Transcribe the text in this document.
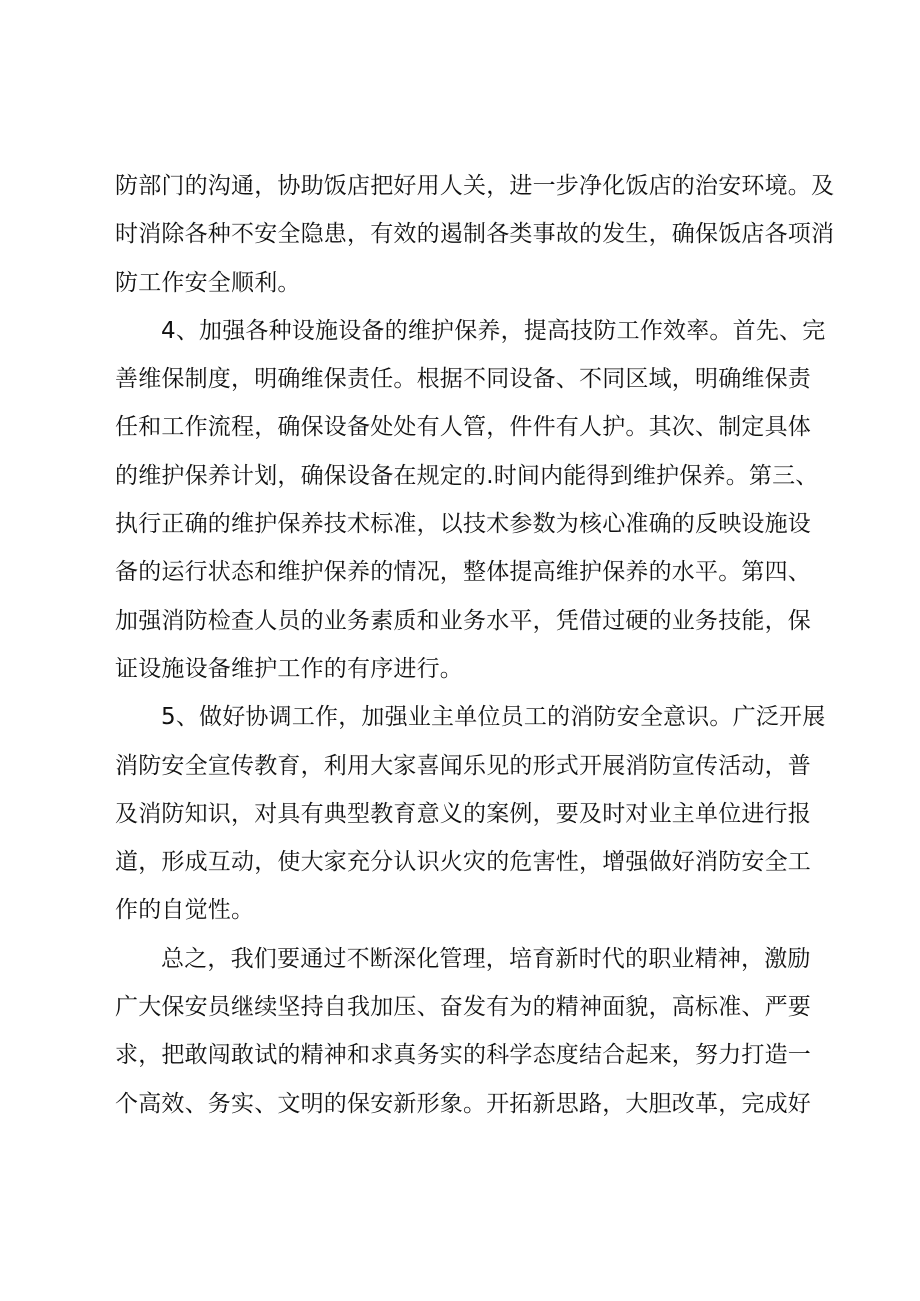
防部门的沟通，协助饭店把好用人关，进一步净化饭店的治安环境。及
时消除各种不安全隐患，有效的遏制各类事故的发生，确保饭店各项消
防工作安全顺利。
4、加强各种设施设备的维护保养，提高技防工作效率。首先、完
善维保制度，明确维保责任。根据不同设备、不同区域，明确维保责
任和工作流程，确保设备处处有人管，件件有人护。其次、制定具体
的维护保养计划，确保设备在规定的.时间内能得到维护保养。第三、
执行正确的维护保养技术标准，以技术参数为核心准确的反映设施设
备的运行状态和维护保养的情况，整体提高维护保养的水平。第四、
加强消防检查人员的业务素质和业务水平，凭借过硬的业务技能，保
证设施设备维护工作的有序进行。
5、做好协调工作，加强业主单位员工的消防安全意识。广泛开展
消防安全宣传教育，利用大家喜闻乐见的形式开展消防宣传活动，普
及消防知识，对具有典型教育意义的案例，要及时对业主单位进行报
道，形成互动，使大家充分认识火灾的危害性，增强做好消防安全工
作的自觉性。
总之，我们要通过不断深化管理，培育新时代的职业精神，激励
广大保安员继续坚持自我加压、奋发有为的精神面貌，高标准、严要
求，把敢闯敢试的精神和求真务实的科学态度结合起来，努力打造一
个高效、务实、文明的保安新形象。开拓新思路，大胆改革，完成好
